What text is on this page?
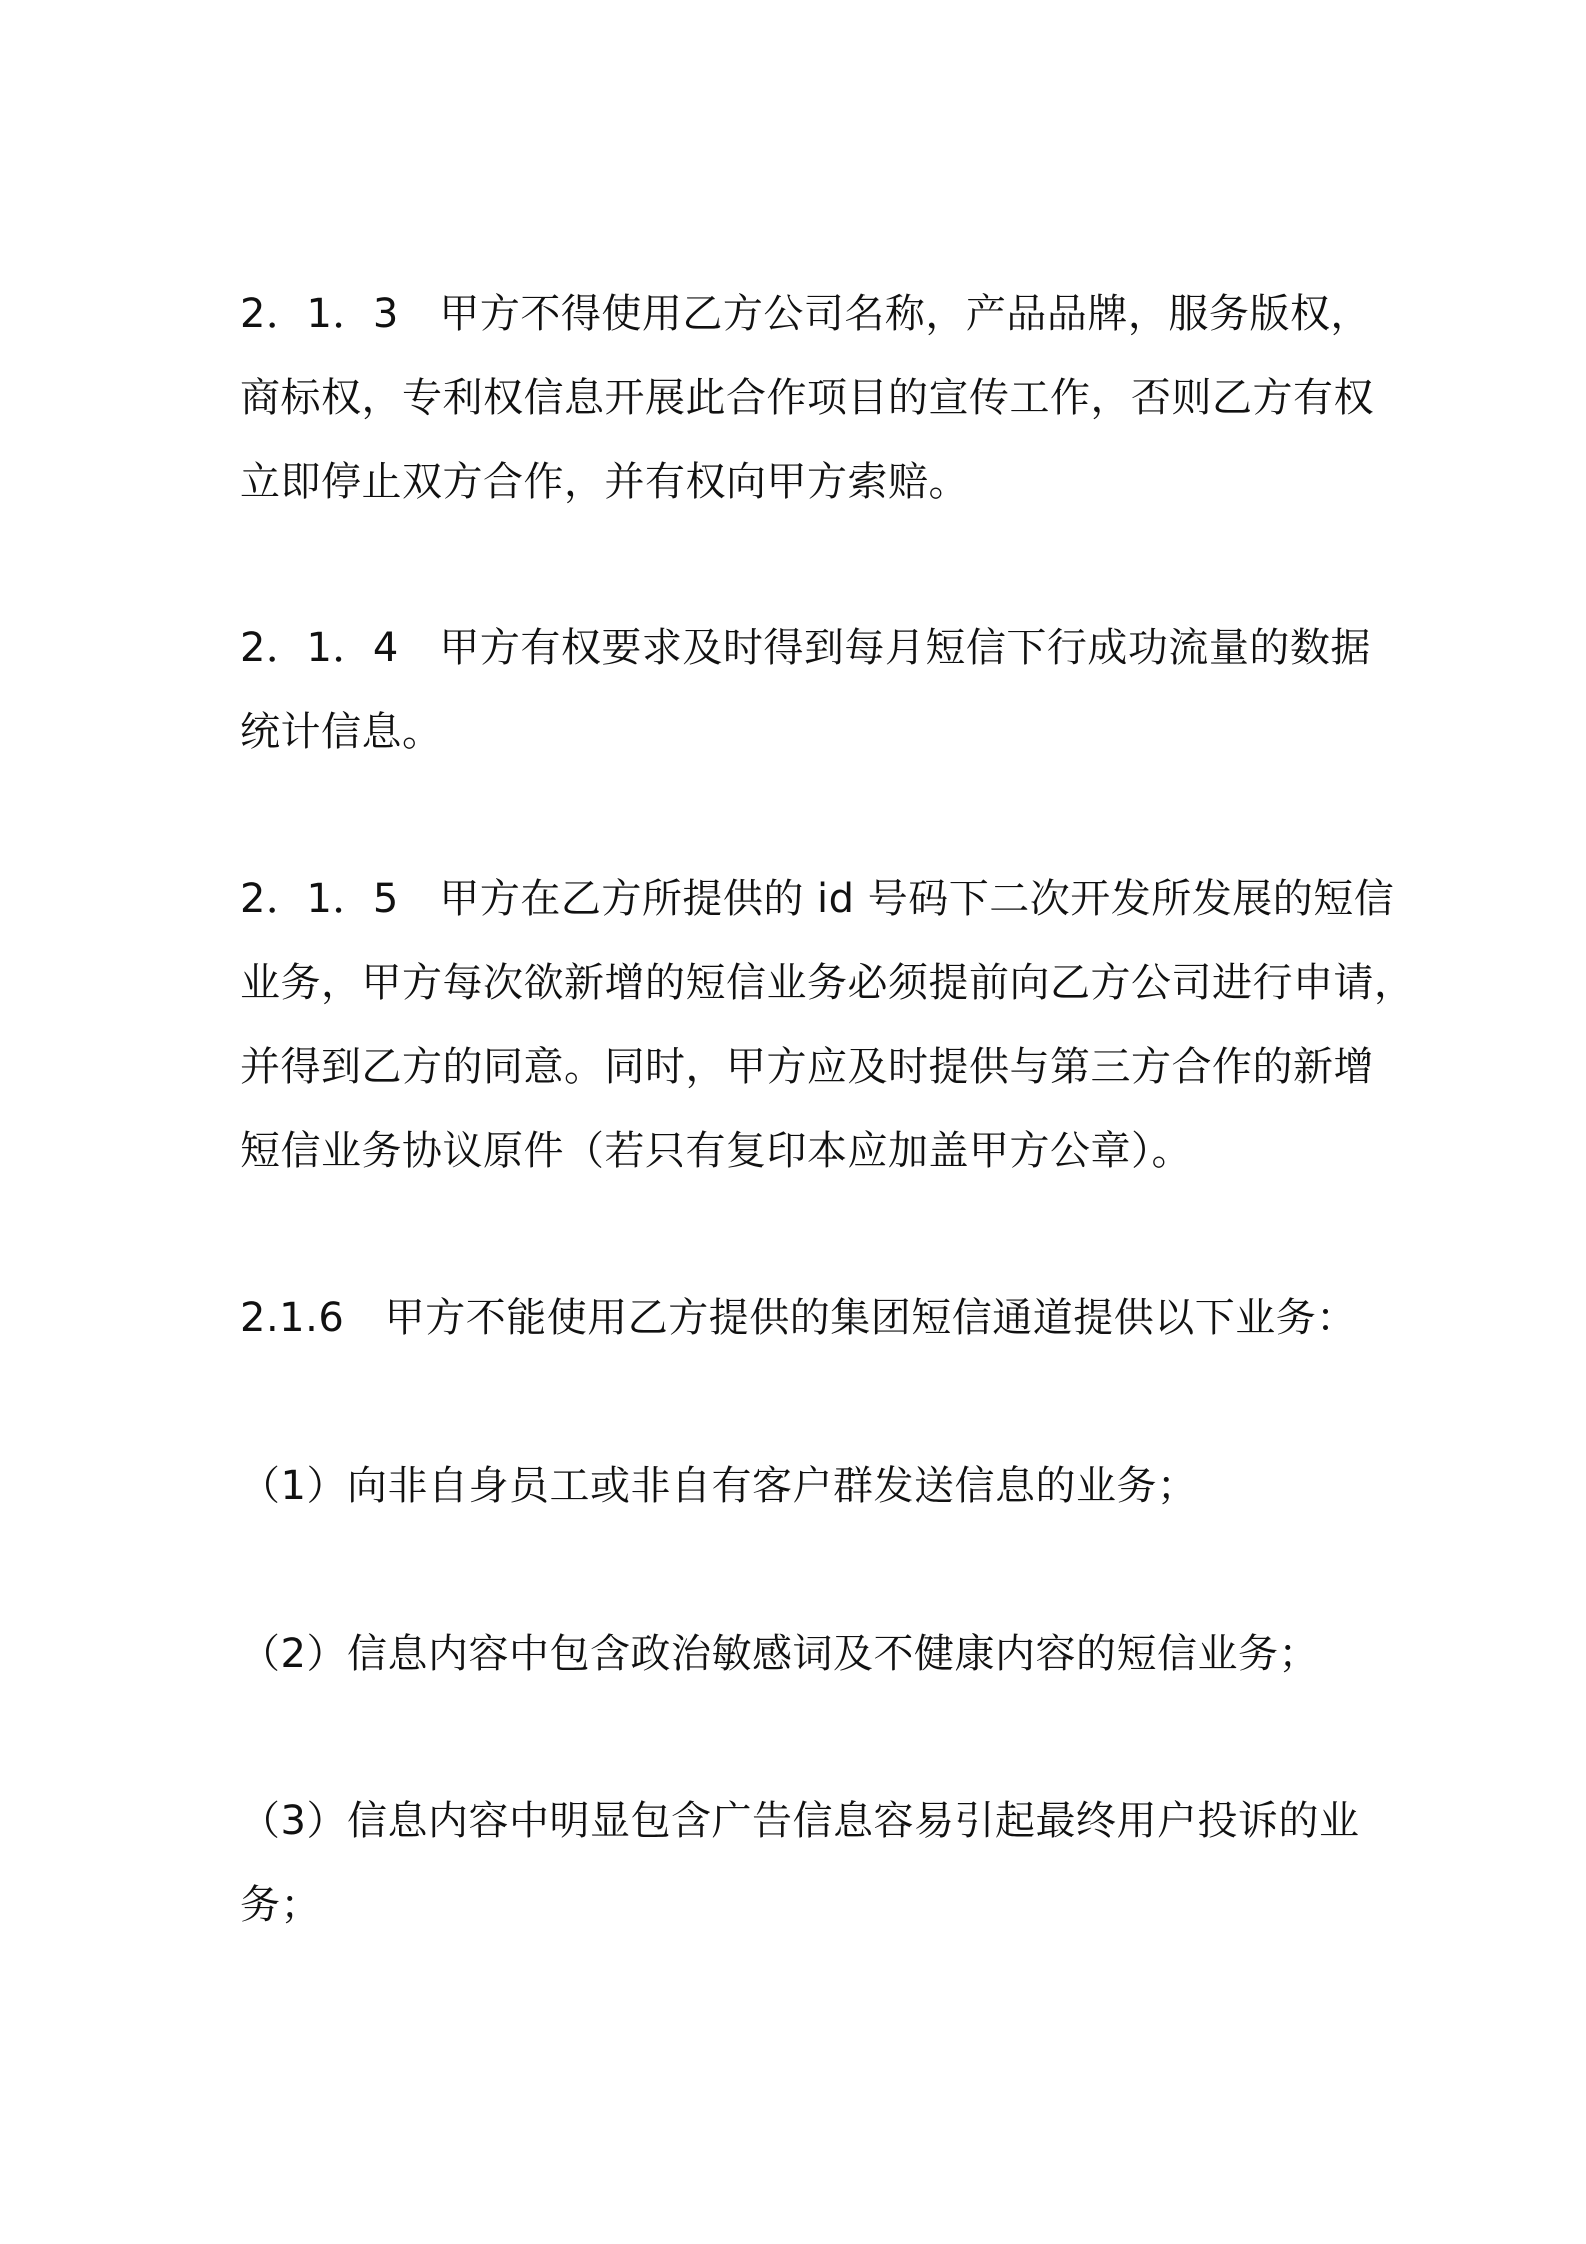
2．1．3　甲方不得使用乙方公司名称，产品品牌，服务版权，
商标权，专利权信息开展此合作项目的宣传工作，否则乙方有权
立即停止双方合作，并有权向甲方索赔。
2．1．4　甲方有权要求及时得到每月短信下行成功流量的数据
统计信息。
2．1．5　甲方在乙方所提供的 id 号码下二次开发所发展的短信
业务，甲方每次欲新增的短信业务必须提前向乙方公司进行申请，
并得到乙方的同意。同时，甲方应及时提供与第三方合作的新增
短信业务协议原件（若只有复印本应加盖甲方公章）。
2.1.6　甲方不能使用乙方提供的集团短信通道提供以下业务：
（1）向非自身员工或非自有客户群发送信息的业务；
（2）信息内容中包含政治敏感词及不健康内容的短信业务；
（3）信息内容中明显包含广告信息容易引起最终用户投诉的业
务；
